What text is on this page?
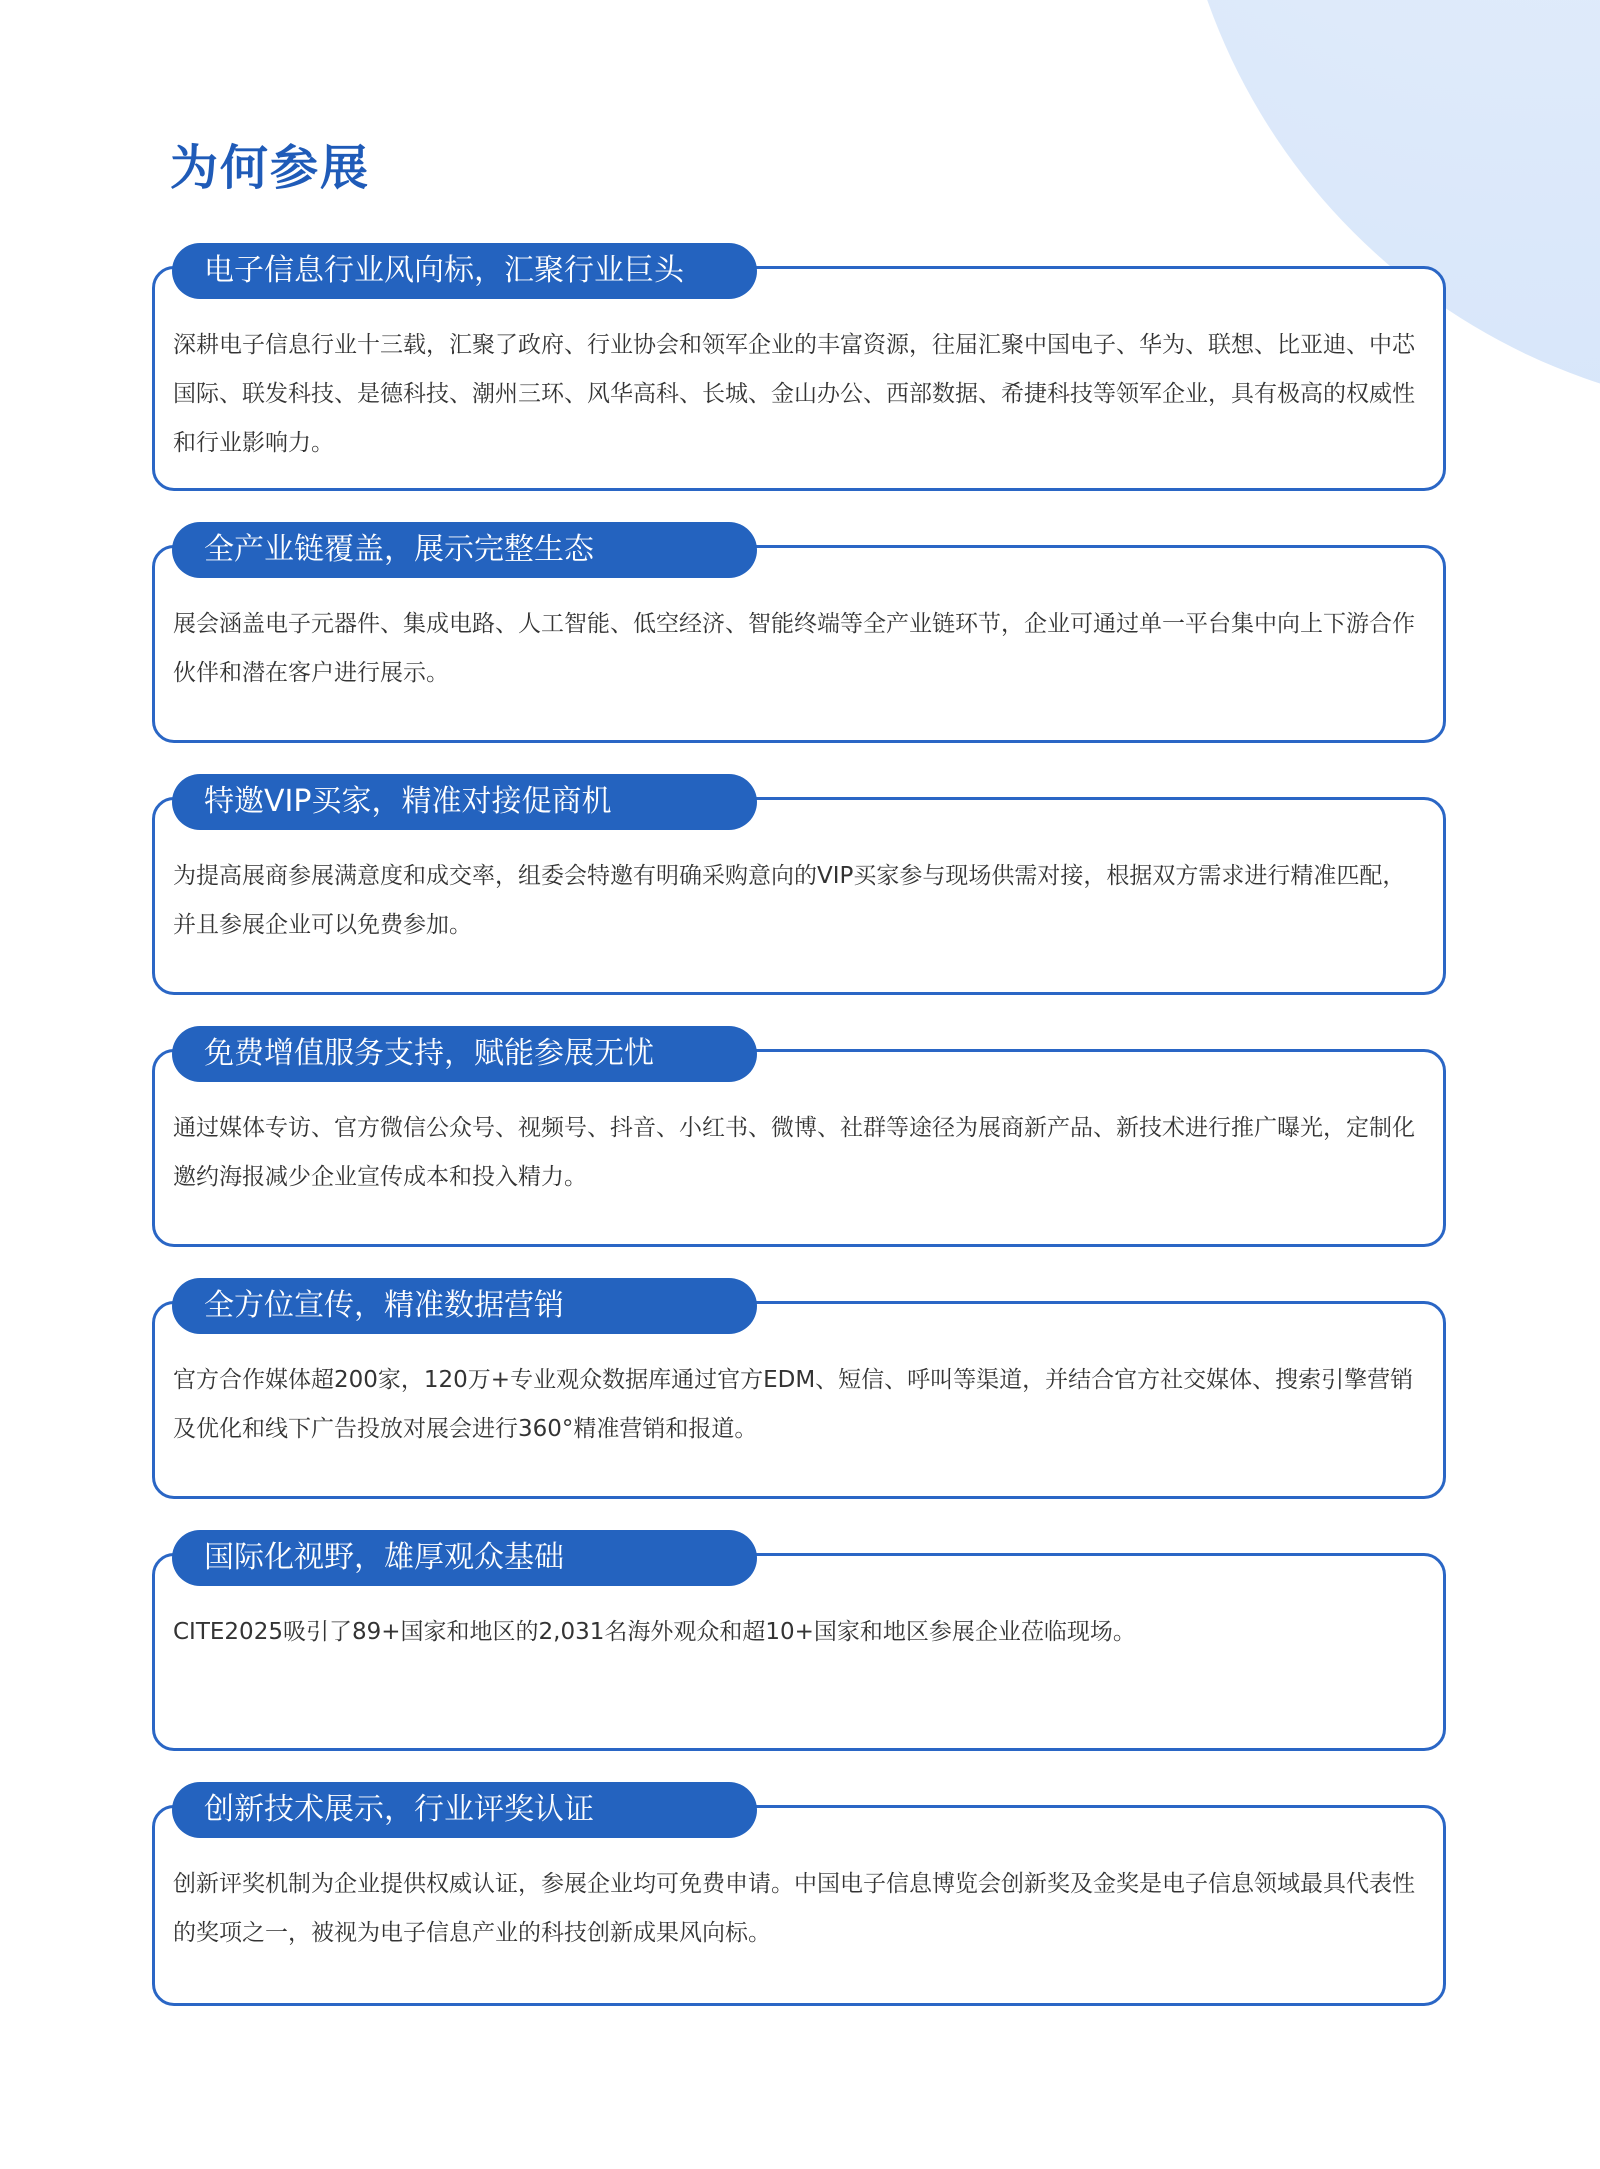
为何参展
电子信息行业风向标，汇聚行业巨头

深耕电子信息行业十三载，汇聚了政府、行业协会和领军企业的丰富资源，往届汇聚中国电子、华为、联想、比亚迪、中芯国际、联发科技、是德科技、潮州三环、风华高科、长城、金山办公、西部数据、希捷科技等领军企业，具有极高的权威性和行业影响力。

全产业链覆盖，展示完整生态

展会涵盖电子元器件、集成电路、人工智能、低空经济、智能终端等全产业链环节，企业可通过单一平台集中向上下游合作伙伴和潜在客户进行展示。

特邀VIP买家，精准对接促商机

为提高展商参展满意度和成交率，组委会特邀有明确采购意向的VIP买家参与现场供需对接，根据双方需求进行精准匹配，并且参展企业可以免费参加。

免费增值服务支持，赋能参展无忧

通过媒体专访、官方微信公众号、视频号、抖音、小红书、微博、社群等途径为展商新产品、新技术进行推广曝光，定制化邀约海报减少企业宣传成本和投入精力。

全方位宣传，精准数据营销

官方合作媒体超200家，120万+专业观众数据库通过官方EDM、短信、呼叫等渠道，并结合官方社交媒体、搜索引擎营销及优化和线下广告投放对展会进行360°精准营销和报道。

国际化视野，雄厚观众基础

CITE2025吸引了89+国家和地区的2,031名海外观众和超10+国家和地区参展企业莅临现场。

创新技术展示，行业评奖认证

创新评奖机制为企业提供权威认证，参展企业均可免费申请。中国电子信息博览会创新奖及金奖是电子信息领域最具代表性的奖项之一，被视为电子信息产业的科技创新成果风向标。
